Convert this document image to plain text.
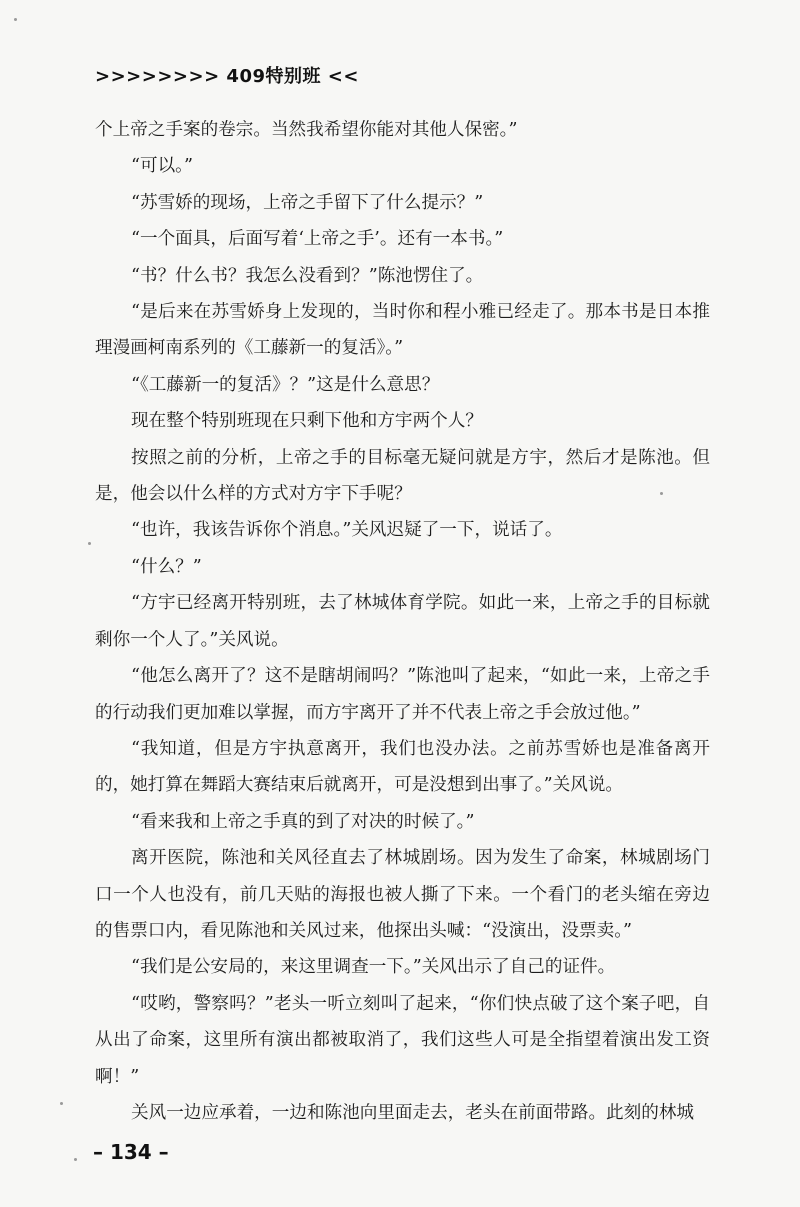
>>>>>>>> 409特别班 <<

个上帝之手案的卷宗。当然我希望你能对其他人保密。”

“可以。”

“苏雪娇的现场，上帝之手留下了什么提示？”

“一个面具，后面写着‘上帝之手’。还有一本书。”

“书？什么书？我怎么没看到？”陈池愣住了。

“是后来在苏雪娇身上发现的，当时你和程小雅已经走了。那本书是日本推理漫画柯南系列的《工藤新一的复活》。”

“《工藤新一的复活》？”这是什么意思？

现在整个特别班现在只剩下他和方宇两个人？

按照之前的分析，上帝之手的目标毫无疑问就是方宇，然后才是陈池。但是，他会以什么样的方式对方宇下手呢？

“也许，我该告诉你个消息。”关风迟疑了一下，说话了。

“什么？”

“方宇已经离开特别班，去了林城体育学院。如此一来，上帝之手的目标就剩你一个人了。”关风说。

“他怎么离开了？这不是瞎胡闹吗？”陈池叫了起来，“如此一来，上帝之手的行动我们更加难以掌握，而方宇离开了并不代表上帝之手会放过他。”

“我知道，但是方宇执意离开，我们也没办法。之前苏雪娇也是准备离开的，她打算在舞蹈大赛结束后就离开，可是没想到出事了。”关风说。

“看来我和上帝之手真的到了对决的时候了。”

离开医院，陈池和关风径直去了林城剧场。因为发生了命案，林城剧场门口一个人也没有，前几天贴的海报也被人撕了下来。一个看门的老头缩在旁边的售票口内，看见陈池和关风过来，他探出头喊：“没演出，没票卖。”

“我们是公安局的，来这里调查一下。”关风出示了自己的证件。

“哎哟，警察吗？”老头一听立刻叫了起来，“你们快点破了这个案子吧，自从出了命案，这里所有演出都被取消了，我们这些人可是全指望着演出发工资啊！”

关风一边应承着，一边和陈池向里面走去，老头在前面带路。此刻的林城

– 134 –
